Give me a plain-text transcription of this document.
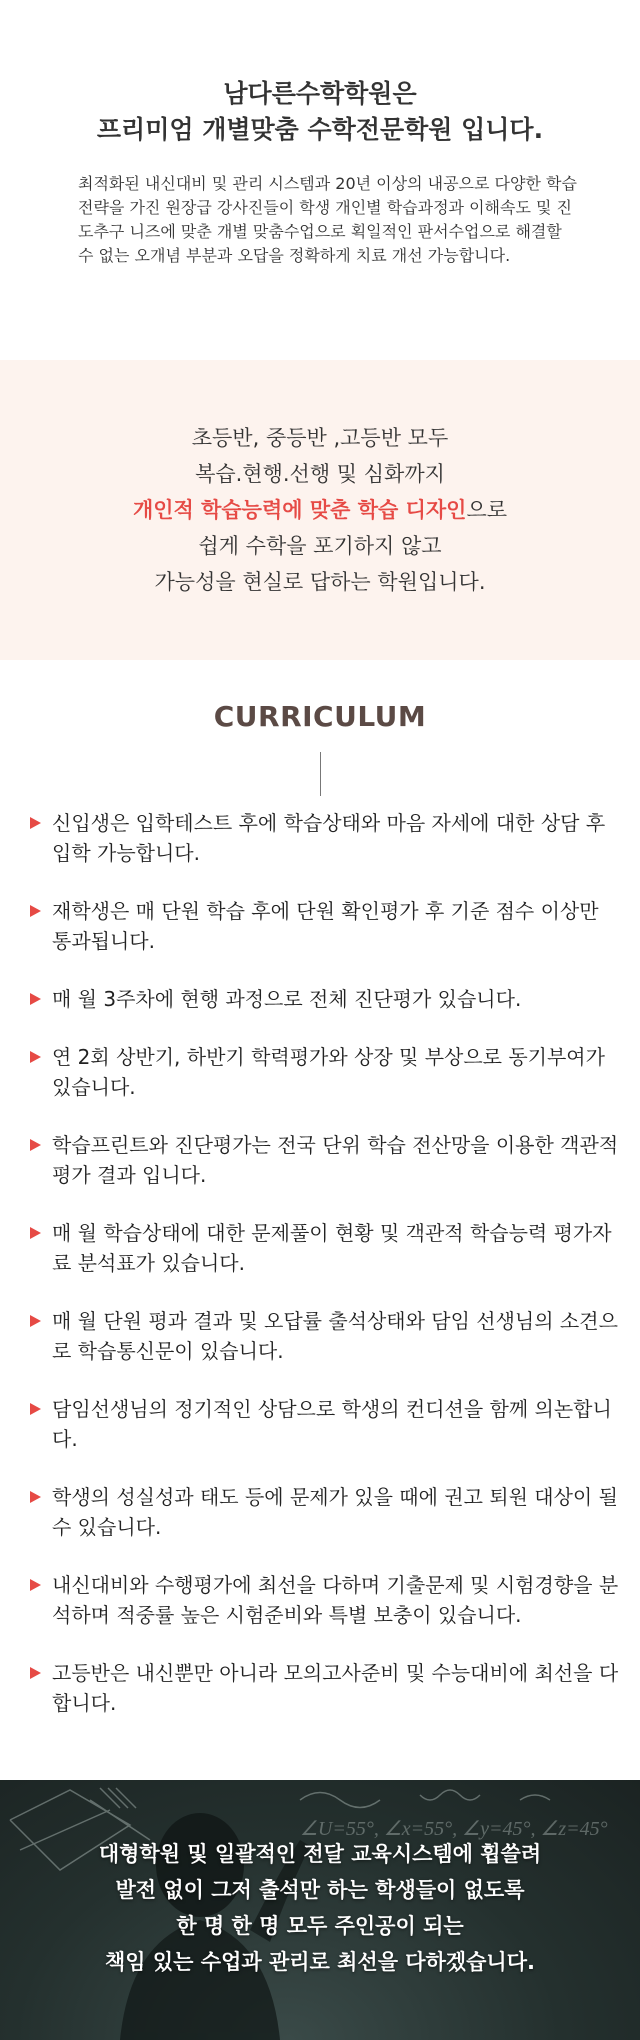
남다른수학학원은
프리미엄 개별맞춤 수학전문학원 입니다.

최적화된 내신대비 및 관리 시스템과 20년 이상의 내공으로 다양한 학습전략을 가진 원장급 강사진들이 학생 개인별 학습과정과 이해속도 및 진도추구 니즈에 맞춘 개별 맞춤수업으로 획일적인 판서수업으로 해결할 수 없는 오개념 부분과 오답을 정확하게 치료 개선 가능합니다.

초등반, 중등반 ,고등반 모두
복습.현행.선행 및 심화까지
개인적 학습능력에 맞춘 학습 디자인으로
쉽게 수학을 포기하지 않고
가능성을 현실로 답하는 학원입니다.
CURRICULUM
신입생은 입학테스트 후에 학습상태와 마음 자세에 대한 상담 후 입학 가능합니다.
재학생은 매 단원 학습 후에 단원 확인평가 후 기준 점수 이상만 통과됩니다.
매 월 3주차에 현행 과정으로 전체 진단평가 있습니다.
연 2회 상반기, 하반기 학력평가와 상장 및 부상으로 동기부여가 있습니다.
학습프린트와 진단평가는 전국 단위 학습 전산망을 이용한 객관적 평가 결과 입니다.
매 월 학습상태에 대한 문제풀이 현황 및 객관적 학습능력 평가자료 분석표가 있습니다.
매 월 단원 평과 결과 및 오답률 출석상태와 담임 선생님의 소견으로 학습통신문이 있습니다.
담임선생님의 정기적인 상담으로 학생의 컨디션을 함께 의논합니다.
학생의 성실성과 태도 등에 문제가 있을 때에 권고 퇴원 대상이 될 수 있습니다.
내신대비와 수행평가에 최선을 다하며 기출문제 및 시험경향을 분석하며 적중률 높은 시험준비와 특별 보충이 있습니다.
고등반은 내신뿐만 아니라 모의고사준비 및 수능대비에 최선을 다합니다.
∠U=55°, ∠x=55°, ∠y=45°, ∠z=45°
대형학원 및 일괄적인 전달 교육시스템에 휩쓸려
발전 없이 그저 출석만 하는 학생들이 없도록
한 명 한 명 모두 주인공이 되는
책임 있는 수업과 관리로 최선을 다하겠습니다.
